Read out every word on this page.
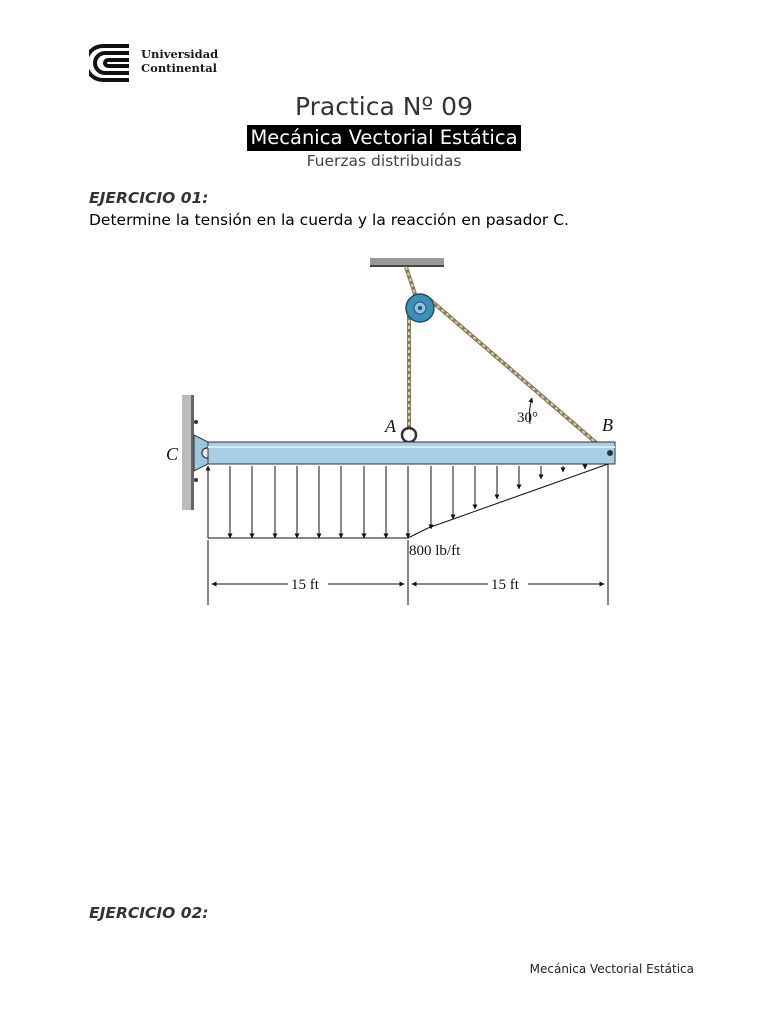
Universidad
Continental
Practica Nº 09
Mecánica Vectorial Estática
Fuerzas distribuidas
EJERCICIO 01:
Determine la tensión en la cuerda y la reacción en pasador C.
C
A	B
30°
800 lb/ft
15 ft	15 ft
EJERCICIO 02:
Mecánica Vectorial Estática
